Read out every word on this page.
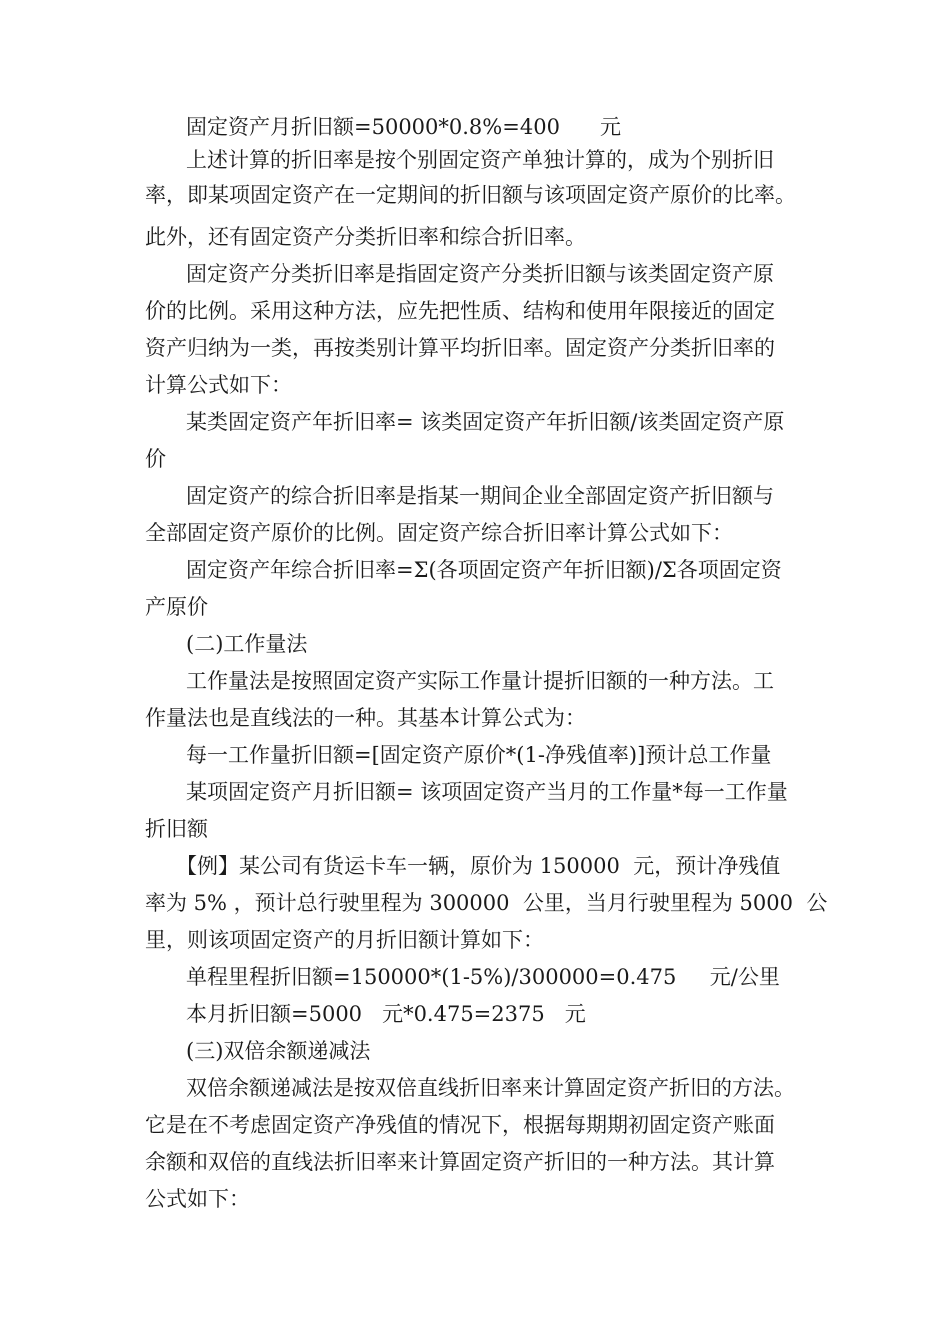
固定资产月折旧额=50000*0.8%=400      元
上述计算的折旧率是按个别固定资产单独计算的，成为个别折旧
率，即某项固定资产在一定期间的折旧额与该项固定资产原价的比率。
此外，还有固定资产分类折旧率和综合折旧率。
固定资产分类折旧率是指固定资产分类折旧额与该类固定资产原
价的比例。采用这种方法，应先把性质、结构和使用年限接近的固定
资产归纳为一类，再按类别计算平均折旧率。固定资产分类折旧率的
计算公式如下：
某类固定资产年折旧率= 该类固定资产年折旧额/该类固定资产原
价
固定资产的综合折旧率是指某一期间企业全部固定资产折旧额与
全部固定资产原价的比例。固定资产综合折旧率计算公式如下：
固定资产年综合折旧率=Σ(各项固定资产年折旧额)/Σ各项固定资
产原价
(二)工作量法
工作量法是按照固定资产实际工作量计提折旧额的一种方法。工
作量法也是直线法的一种。其基本计算公式为：
每一工作量折旧额=[固定资产原价*(1-净残值率)]预计总工作量
某项固定资产月折旧额= 该项固定资产当月的工作量*每一工作量
折旧额
【例】某公司有货运卡车一辆，原价为 150000  元，预计净残值
率为 5% ，预计总行驶里程为 300000  公里，当月行驶里程为 5000  公
里，则该项固定资产的月折旧额计算如下：
单程里程折旧额=150000*(1-5%)/300000=0.475     元/公里
本月折旧额=5000   元*0.475=2375   元
(三)双倍余额递减法
双倍余额递减法是按双倍直线折旧率来计算固定资产折旧的方法。
它是在不考虑固定资产净残值的情况下，根据每期期初固定资产账面
余额和双倍的直线法折旧率来计算固定资产折旧的一种方法。其计算
公式如下：
